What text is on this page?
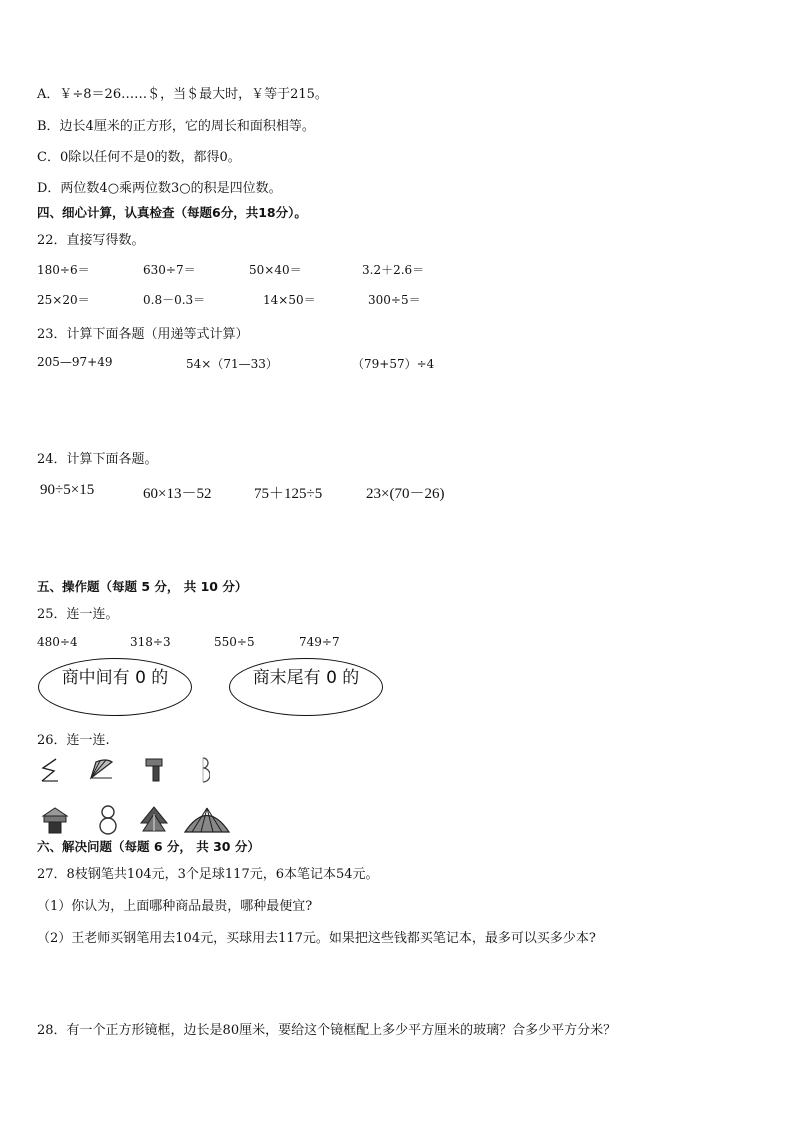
A．￥÷8＝26……＄，当＄最大时，￥等于215。
B．边长4厘米的正方形，它的周长和面积相等。
C．0除以任何不是0的数，都得0。
D．两位数4○乘两位数3○的积是四位数。
四、细心计算，认真检查（每题6分，共18分）。
22．直接写得数。
180÷6＝	630÷7＝	50×40＝	3.2＋2.6＝
25×20＝	0.8－0.3＝	14×50＝	300÷5＝
23．计算下面各题（用递等式计算）
205—97+49	54×（71—33）	（79+57）÷4
24．计算下面各题。
90÷5×15	60×13－52	75＋125÷5	23×(70－26)
五、操作题（每题 5 分， 共 10 分）
25．连一连。
480÷4	318÷3	550÷5	749÷7
商中间有 0 的	商末尾有 0 的
26．连一连.
六、解决问题（每题 6 分， 共 30 分）
27．8枝钢笔共104元，3个足球117元，6本笔记本54元。
（1）你认为，上面哪种商品最贵，哪种最便宜?
（2）王老师买钢笔用去104元，买球用去117元。如果把这些钱都买笔记本，最多可以买多少本?
28．有一个正方形镜框，边长是80厘米，要给这个镜框配上多少平方厘米的玻璃？合多少平方分米？
